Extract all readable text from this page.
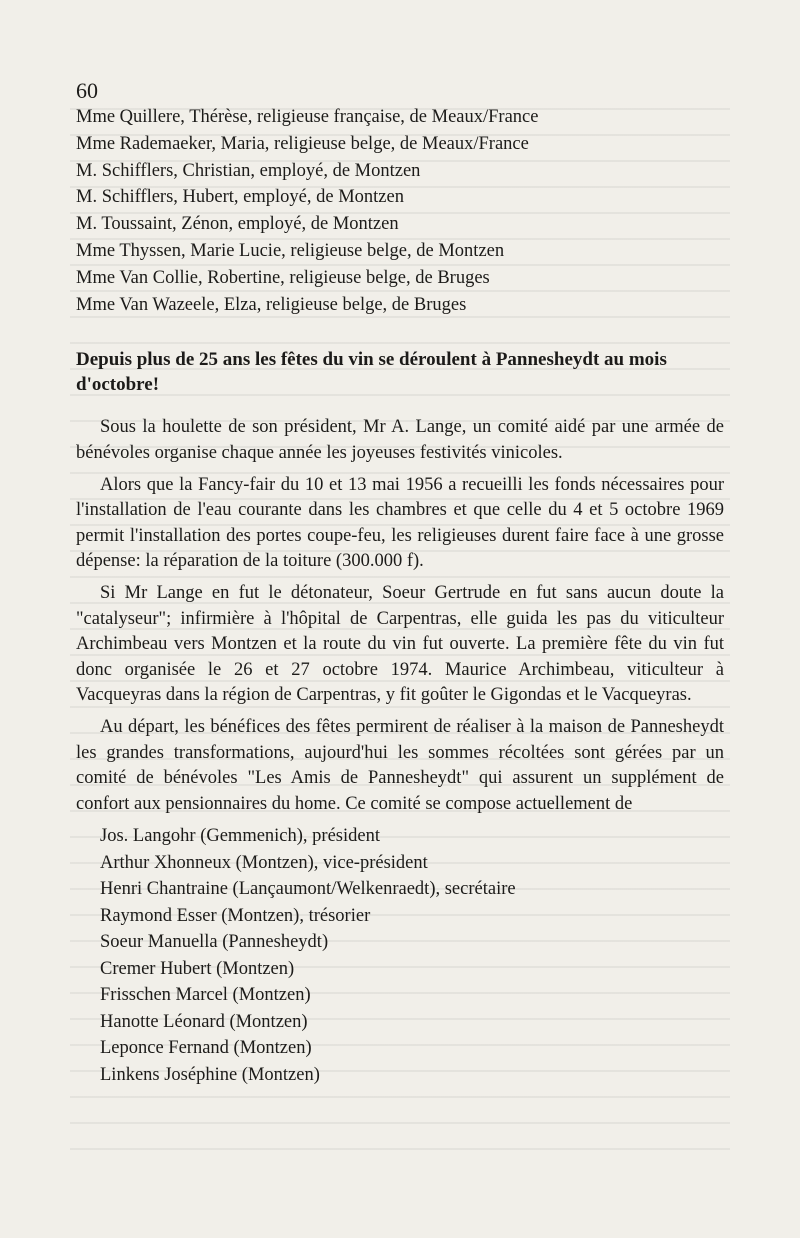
60
Mme Quillere, Thérèse, religieuse française, de Meaux/France
Mme Rademaeker, Maria, religieuse belge, de Meaux/France
M. Schifflers, Christian, employé, de Montzen
M. Schifflers, Hubert, employé, de Montzen
M. Toussaint, Zénon, employé, de Montzen
Mme Thyssen, Marie Lucie, religieuse belge, de Montzen
Mme Van Collie, Robertine, religieuse belge, de Bruges
Mme Van Wazeele, Elza, religieuse belge, de Bruges
Depuis plus de 25 ans les fêtes du vin se déroulent à Pannesheydt au mois d'octobre!

Sous la houlette de son président, Mr A. Lange, un comité aidé par une armée de bénévoles organise chaque année les joyeuses festivités vinicoles.

Alors que la Fancy-fair du 10 et 13 mai 1956 a recueilli les fonds nécessaires pour l'installation de l'eau courante dans les chambres et que celle du 4 et 5 octobre 1969 permit l'installation des portes coupe-feu, les religieuses durent faire face à une grosse dépense: la réparation de la toiture (300.000 f).

Si Mr Lange en fut le détonateur, Soeur Gertrude en fut sans aucun doute la "catalyseur"; infirmière à l'hôpital de Carpentras, elle guida les pas du viticulteur Archimbeau vers Montzen et la route du vin fut ouverte. La première fête du vin fut donc organisée le 26 et 27 octobre 1974. Maurice Archimbeau, viticulteur à Vacqueyras dans la région de Carpentras, y fit goûter le Gigondas et le Vacqueyras.

Au départ, les bénéfices des fêtes permirent de réaliser à la maison de Pannesheydt les grandes transformations, aujourd'hui les sommes récoltées sont gérées par un comité de bénévoles "Les Amis de Pannesheydt" qui assurent un supplément de confort aux pensionnaires du home. Ce comité se compose actuellement de

Jos. Langohr (Gemmenich), président
Arthur Xhonneux (Montzen), vice-président
Henri Chantraine (Lançaumont/Welkenraedt), secrétaire
Raymond Esser (Montzen), trésorier
Soeur Manuella (Pannesheydt)
Cremer Hubert (Montzen)
Frisschen Marcel (Montzen)
Hanotte Léonard (Montzen)
Leponce Fernand (Montzen)
Linkens Joséphine (Montzen)
